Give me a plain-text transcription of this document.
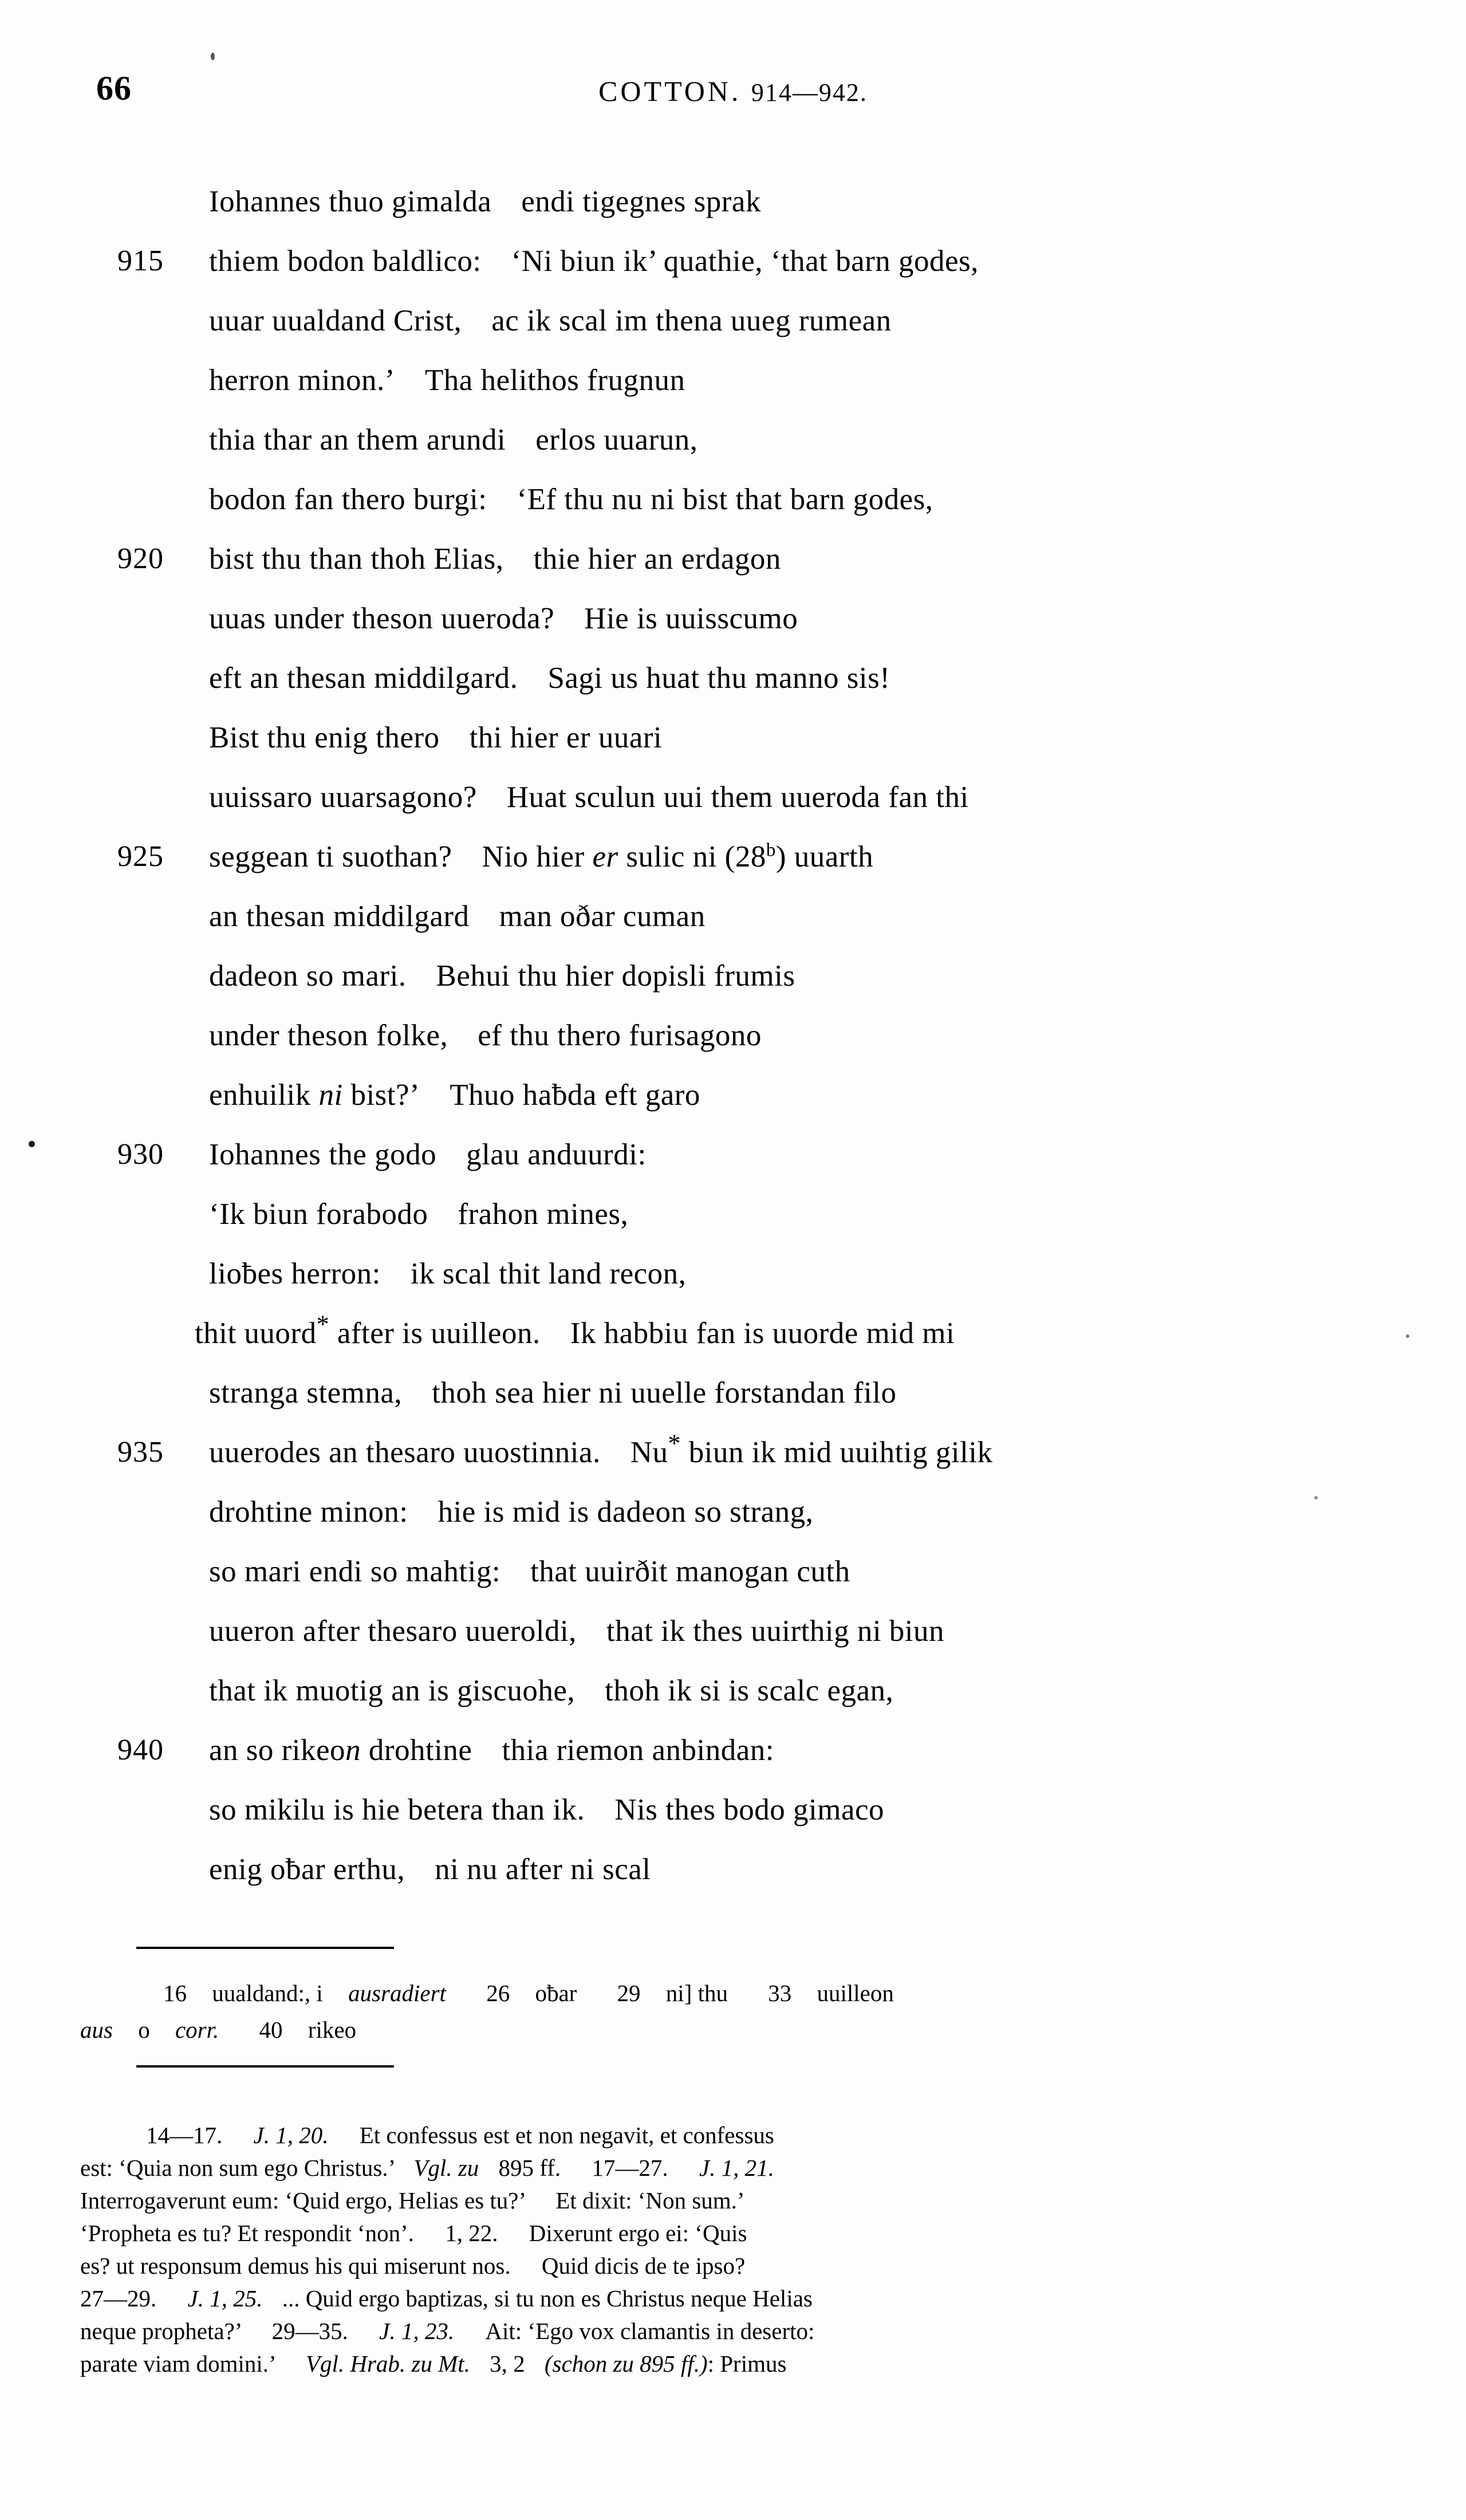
66	COTTON. 914—942.
Iohannes thuo gimalda endi tigegnes sprak
915	thiem bodon baldlico: ‘Ni biun ik’ quathie, ‘that barn godes,
uuar uualdand Crist, ac ik scal im thena uueg rumean
herron minon.’ Tha helithos frugnun
thia thar an them arundi erlos uuarun,
bodon fan thero burgi: ‘Ef thu nu ni bist that barn godes,
920	bist thu than thoh Elias, thie hier an erdagon
uuas under theson uueroda? Hie is uuisscumo
eft an thesan middilgard. Sagi us huat thu manno sis!
Bist thu enig thero thi hier er uuari
uuissaro uuarsagono? Huat sculun uui them uueroda fan thi
925	seggean ti suothan? Nio hier er sulic ni (28$^b$) uuarth
an thesan middilgard man oðar cuman
dadeon so mari. Behui thu hier dopisli frumis
under theson folke, ef thu thero furisagono
enhuilik ni bist?’ Thuo haƀda eft garo
930	Iohannes the godo glau anduurdi:
‘Ik biun forabodo frahon mines,
lioƀes herron: ik scal thit land recon,
thit uuord* after is uuilleon. Ik habbiu fan is uuorde mid mi
stranga stemna, thoh sea hier ni uuelle forstandan filo
935	uuerodes an thesaro uuostinnia. Nu* biun ik mid uuihtig gilik
drohtine minon: hie is mid is dadeon so strang,
so mari endi so mahtig: that uuirðit manogan cuth
uueron after thesaro uueroldi, that ik thes uuirthig ni biun
that ik muotig an is giscuohe, thoh ik si is scalc egan,
940	an so rikeon drohtine thia riemon anbindan:
so mikilu is hie betera than ik. Nis thes bodo gimaco
enig oƀar erthu, ni nu after ni scal
16 uualdand:, i ausradiert 26 oƀar 29 ni] thu 33 uuilleon
aus o corr. 40 rikeo
14—17. J. 1, 20. Et confessus est et non negavit, et confessus
est: ‘Quia non sum ego Christus.’ Vgl. zu 895 ff. 17—27. J. 1, 21.
Interrogaverunt eum: ‘Quid ergo, Helias es tu?’ Et dixit: ‘Non sum.’
‘Propheta es tu? Et respondit ‘non’. 1, 22. Dixerunt ergo ei: ‘Quis
es? ut responsum demus his qui miserunt nos. Quid dicis de te ipso?
27—29. J. 1, 25. ... Quid ergo baptizas, si tu non es Christus neque Helias
neque propheta?’ 29—35. J. 1, 23. Ait: ‘Ego vox clamantis in deserto:
parate viam domini.’ Vgl. Hrab. zu Mt. 3, 2 (schon zu 895 ff.): Primus
